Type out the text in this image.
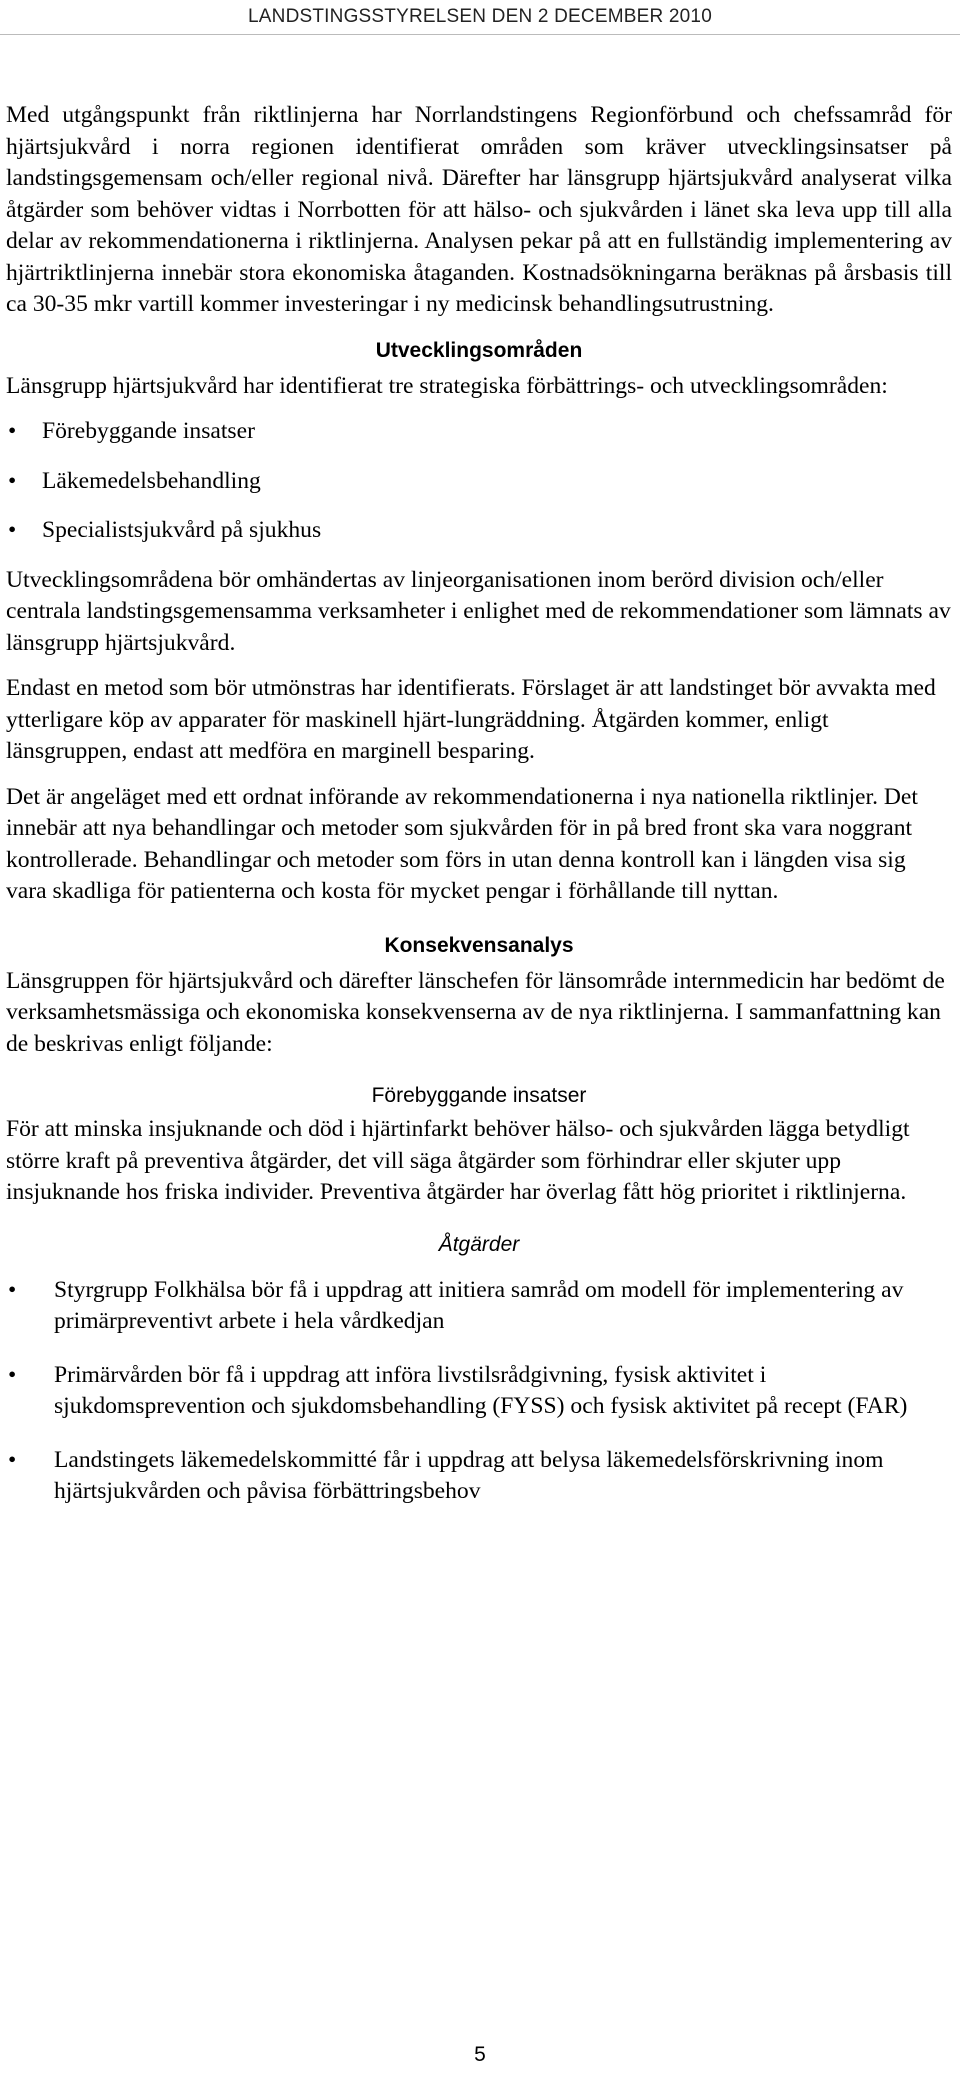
LANDSTINGSSTYRELSEN DEN 2 DECEMBER 2010

Med utgångspunkt från riktlinjerna har Norrlandstingens Regionförbund och chefssamråd för hjärtsjukvård i norra regionen identifierat områden som kräver utvecklingsinsatser på landstingsgemensam och/eller regional nivå. Därefter har länsgrupp hjärtsjukvård analyserat vilka åtgärder som behöver vidtas i Norrbotten för att hälso- och sjukvården i länet ska leva upp till alla delar av rekommendationerna i riktlinjerna. Analysen pekar på att en fullständig implementering av hjärtriktlinjerna innebär stora ekonomiska åtaganden. Kostnadsökningarna beräknas på årsbasis till ca 30-35 mkr vartill kommer investeringar i ny medicinsk behandlingsutrustning.

Utvecklingsområden

Länsgrupp hjärtsjukvård har identifierat tre strategiska förbättrings- och utvecklingsområden:

• Förebyggande insatser
• Läkemedelsbehandling
• Specialistsjukvård på sjukhus

Utvecklingsområdena bör omhändertas av linjeorganisationen inom berörd division och/eller centrala landstingsgemensamma verksamheter i enlighet med de rekommendationer som lämnats av länsgrupp hjärtsjukvård.

Endast en metod som bör utmönstras har identifierats. Förslaget är att landstinget bör avvakta med ytterligare köp av apparater för maskinell hjärt-lungräddning. Åtgärden kommer, enligt länsgruppen, endast att medföra en marginell besparing.

Det är angeläget med ett ordnat införande av rekommendationerna i nya nationella riktlinjer. Det innebär att nya behandlingar och metoder som sjukvården för in på bred front ska vara noggrant kontrollerade. Behandlingar och metoder som förs in utan denna kontroll kan i längden visa sig vara skadliga för patienterna och kosta för mycket pengar i förhållande till nyttan.

Konsekvensanalys

Länsgruppen för hjärtsjukvård och därefter länschefen för länsområde internmedicin har bedömt de verksamhetsmässiga och ekonomiska konsekvenserna av de nya riktlinjerna. I sammanfattning kan de beskrivas enligt följande:

Förebyggande insatser

För att minska insjuknande och död i hjärtinfarkt behöver hälso- och sjukvården lägga betydligt större kraft på preventiva åtgärder, det vill säga åtgärder som förhindrar eller skjuter upp insjuknande hos friska individer. Preventiva åtgärder har överlag fått hög prioritet i riktlinjerna.

Åtgärder
• Styrgrupp Folkhälsa bör få i uppdrag att initiera samråd om modell för implementering av primärpreventivt arbete i hela vårdkedjan
• Primärvården bör få i uppdrag att införa livstilsrådgivning, fysisk aktivitet i sjukdomsprevention och sjukdomsbehandling (FYSS) och fysisk aktivitet på recept (FAR)
• Landstingets läkemedelskommitté får i uppdrag att belysa läkemedelsförskrivning inom hjärtsjukvården och påvisa förbättringsbehov
5
